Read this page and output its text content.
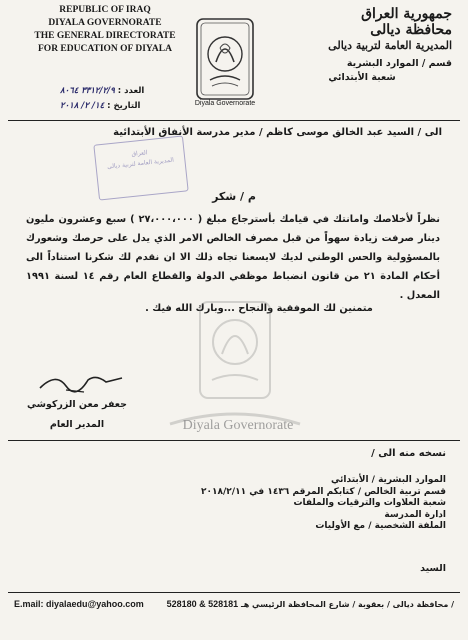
REPUBLIC OF IRAQ
DIYALA GOVERNORATE
THE GENERAL DIRECTORATE
FOR EDUCATION OF DIYALA
Diyala Governorate
جمهورية العراق
محافظة ديالى
المديرية العامة لتربية ديالى
قسم / الموارد البشرية
شعبة الأبتدائي
العدد : ٣٣١٢/٢/٩ ٨٠٦٤
التاريخ : ١٤/ ٢/ ٢٠١٨
الى / السيد عبد الخالق موسى كاظم / مدير مدرسة الأنفاق الأبتدائية
العراق
المديرية العامة لتربية ديالى
م / شكر
نظراً لأخلاصك وامانتك في قيامك بأسترجاع مبلغ ( ٢٧،٠٠٠،٠٠٠ ) سبع وعشرون مليون دينار صرفت زيادة سهواً من قبل مصرف الخالص الامر الذي يدل على حرصك وشعورك بالمسؤولية والحس الوطني لديك لايسعنا تجاه ذلك الا ان نقدم لك شكرنا استناداً الى أحكام المادة ٢١ من قانون انضباط موظفي الدولة والقطاع العام رقم ١٤ لسنة ١٩٩١ المعدل .
متمنين لك الموفقية والنجاح ...وبارك الله فيك .
Diyala Governorate
جعفر معن الزركوشي
المدير العام
نسخه منه الى /
الموارد البشرية / الأبتدائي
قسم تربية الخالص / كتابكم المرقم ١٤٣٦ في ٢٠١٨/٢/١١
شعبة العلاوات والترقيات والملفات
ادارة المدرسة
الملفة الشخصية / مع الأوليات
السيد
E.mail: diyalaedu@yahoo.com	528180 & 528181 محافظة ديالى / بعقوبة / شارع المحافظة الرئيسي هـ /
